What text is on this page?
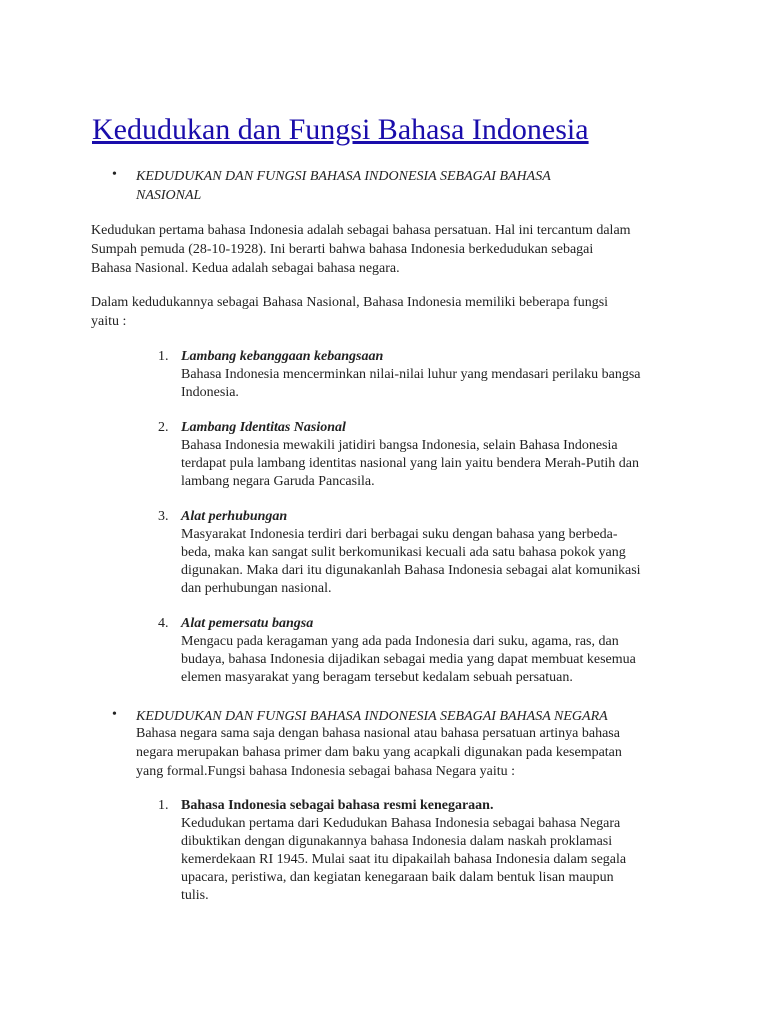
Kedudukan dan Fungsi Bahasa Indonesia
• KEDUDUKAN DAN FUNGSI BAHASA INDONESIA SEBAGAI BAHASA
NASIONAL
Kedudukan pertama bahasa Indonesia adalah sebagai bahasa persatuan. Hal ini tercantum dalam
Sumpah pemuda (28-10-1928). Ini berarti bahwa bahasa Indonesia berkedudukan sebagai
Bahasa Nasional. Kedua adalah sebagai bahasa negara.
Dalam kedudukannya sebagai Bahasa Nasional, Bahasa Indonesia memiliki beberapa fungsi
yaitu :
1. Lambang kebanggaan kebangsaan
Bahasa Indonesia mencerminkan nilai-nilai luhur yang mendasari perilaku bangsa
Indonesia.
2. Lambang Identitas Nasional
Bahasa Indonesia mewakili jatidiri bangsa Indonesia, selain Bahasa Indonesia
terdapat pula lambang identitas nasional yang lain yaitu bendera Merah-Putih dan
lambang negara Garuda Pancasila.
3. Alat perhubungan
Masyarakat Indonesia terdiri dari berbagai suku dengan bahasa yang berbeda-
beda, maka kan sangat sulit berkomunikasi kecuali ada satu bahasa pokok yang
digunakan. Maka dari itu digunakanlah Bahasa Indonesia sebagai alat komunikasi
dan perhubungan nasional.
4. Alat pemersatu bangsa
Mengacu pada keragaman yang ada pada Indonesia dari suku, agama, ras, dan
budaya, bahasa Indonesia dijadikan sebagai media yang dapat membuat kesemua
elemen masyarakat yang beragam tersebut kedalam sebuah persatuan.
• KEDUDUKAN DAN FUNGSI BAHASA INDONESIA SEBAGAI BAHASA NEGARA
Bahasa negara sama saja dengan bahasa nasional atau bahasa persatuan artinya bahasa
negara merupakan bahasa primer dam baku yang acapkali digunakan pada kesempatan
yang formal.Fungsi bahasa Indonesia sebagai bahasa Negara yaitu :
1. Bahasa Indonesia sebagai bahasa resmi kenegaraan.
Kedudukan pertama dari Kedudukan Bahasa Indonesia sebagai bahasa Negara
dibuktikan dengan digunakannya bahasa Indonesia dalam naskah proklamasi
kemerdekaan RI 1945. Mulai saat itu dipakailah bahasa Indonesia dalam segala
upacara, peristiwa, dan kegiatan kenegaraan baik dalam bentuk lisan maupun
tulis.
